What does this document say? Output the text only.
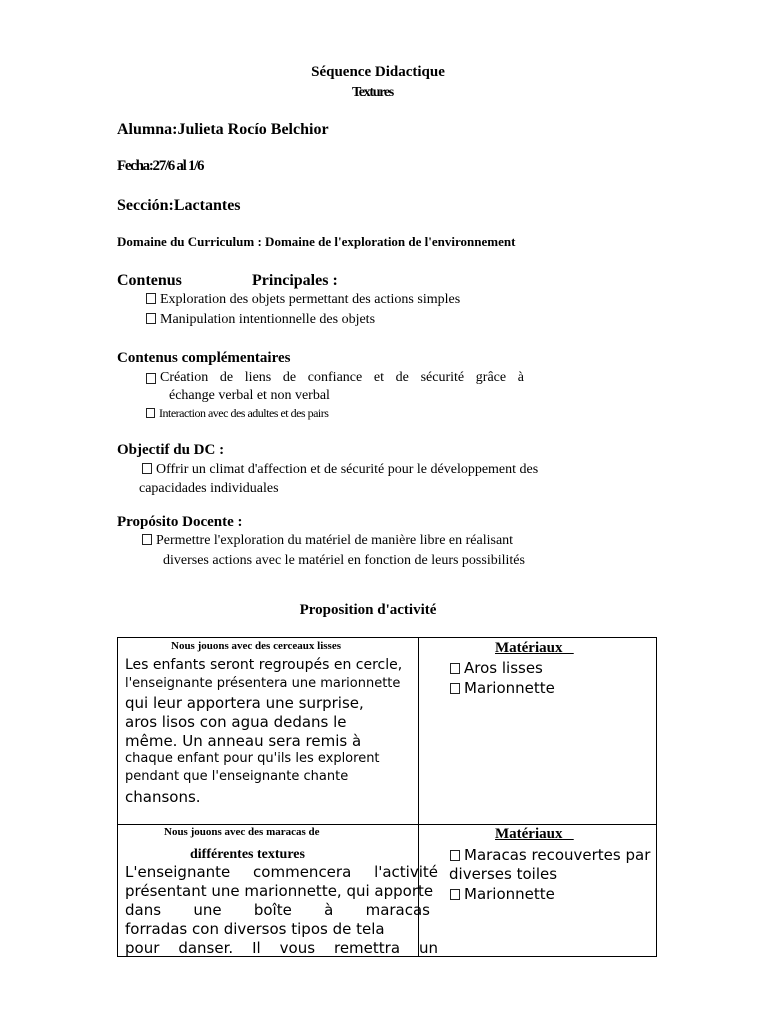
Séquence Didactique
Textures
Alumna:Julieta Rocío Belchior
Fecha:27/6 al 1/6
Sección:Lactantes
Domaine du Curriculum : Domaine de l'exploration de l'environnement
Contenus	Principales :
Exploration des objets permettant des actions simples
Manipulation intentionnelle des objets
Contenus complémentaires
Création de liens de confiance et de sécurité grâce à
échange verbal et non verbal
Interaction avec des adultes et des pairs
Objectif du DC :
Offrir un climat d'affection et de sécurité pour le développement des
capacidades individuales
Propósito Docente :
Permettre l'exploration du matériel de manière libre en réalisant
diverses actions avec le matériel en fonction de leurs possibilités
Proposition d'activité
Nous jouons avec des cerceaux lisses
Les enfants seront regroupés en cercle,
l'enseignante présentera une marionnette
qui leur apportera une surprise,
aros lisos con agua dedans le
même. Un anneau sera remis à
chaque enfant pour qu'ils les explorent
pendant que l'enseignante chante
chansons.
Matériaux
Aros lisses
Marionnette
Nous jouons avec des maracas de
différentes textures
L'enseignante commencera l'activité
présentant une marionnette, qui apporte
dans une boîte à maracas
forradas con diversos tipos de tela
pour danser. Il vous remettra un
Matériaux
Maracas recouvertes par
diverses toiles
Marionnette
